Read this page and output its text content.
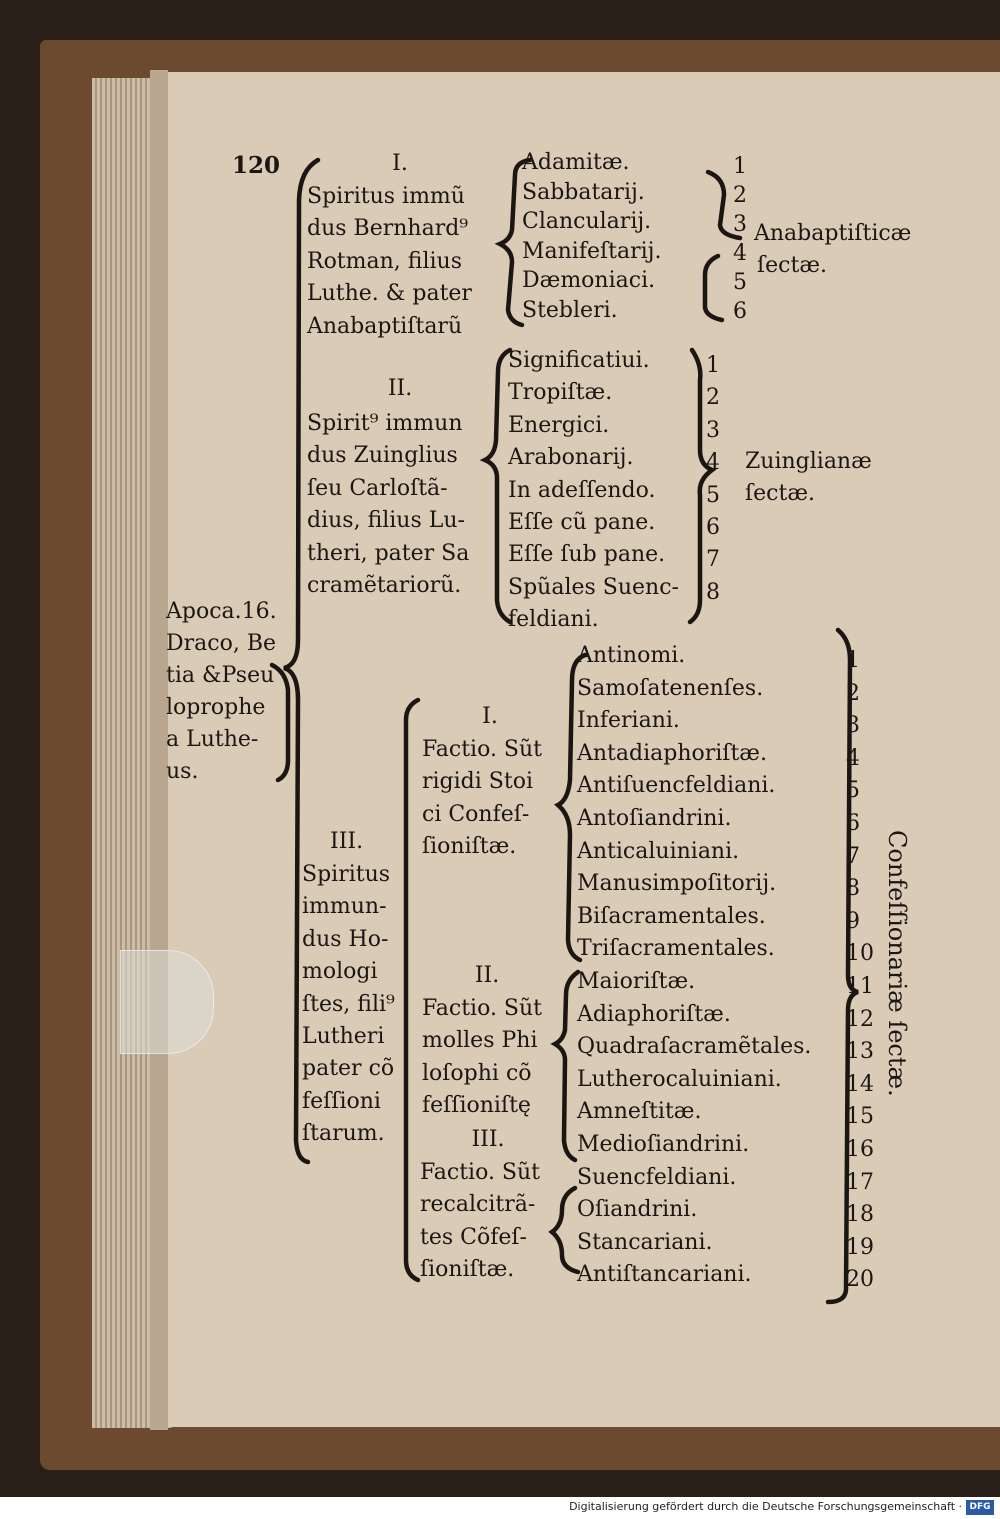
120
Apoca.16.
Draco, Be
tia &Pseu
loprophe
a Luthe-
us.
I.
Spiritus immũ
dus Bernhard⁹
Rotman, filius
Luthe. & pater
Anabaptiſtarũ
Adamitæ.
Sabbatarij.
Clancularij.
Manifeſtarij.
Dæmoniaci.
Stebleri.
1
2
3
4
5
6
Anabaptiſticæ
ſectæ.
II.
Spirit⁹ immun
dus Zuinglius
ſeu Carloſtã-
dius, filius Lu-
theri, pater Sa
cramẽtariorũ.
Significatiui.
Tropiſtæ.
Energici.
Arabonarij.
In adeſſendo.
Eſſe cũ pane.
Eſſe ſub pane.
Spũales Suenc-
feldiani.
1
2
3
4
5
6
7
8
Zuinglianæ
ſectæ.
III.
Spiritus
immun-
dus Ho-
mologi
ſtes, fili⁹
Lutheri
pater cõ
feſſioni
ſtarum.
I.
Factio. Sũt
rigidi Stoi
ci Confeſ-
ſioniſtæ.
II.
Factio. Sũt
molles Phi
loſophi cõ
feſſioniſtę
III.
Factio. Sũt
recalcitrã-
tes Cõfeſ-
ſioniſtæ.
Antinomi.
Samoſatenenſes.
Inferiani.
Antadiaphoriſtæ.
Antiſuencfeldiani.
Antoſiandrini.
Anticaluiniani.
Manusimpoſitorij.
Biſacramentales.
Triſacramentales.
Maioriſtæ.
Adiaphoriſtæ.
Quadraſacramẽtales.
Lutherocaluiniani.
Amneſtitæ.
Medioſiandrini.
Suencfeldiani.
Oſiandrini.
Stancariani.
Antiſtancariani.
1
2
3
4
5
6
7
8
9
10
11
12
13
14
15
16
17
18
19
20
Confeſſionariæ ſectæ.
Digitalisierung gefördert durch die Deutsche Forschungsgemeinschaft · DFG
